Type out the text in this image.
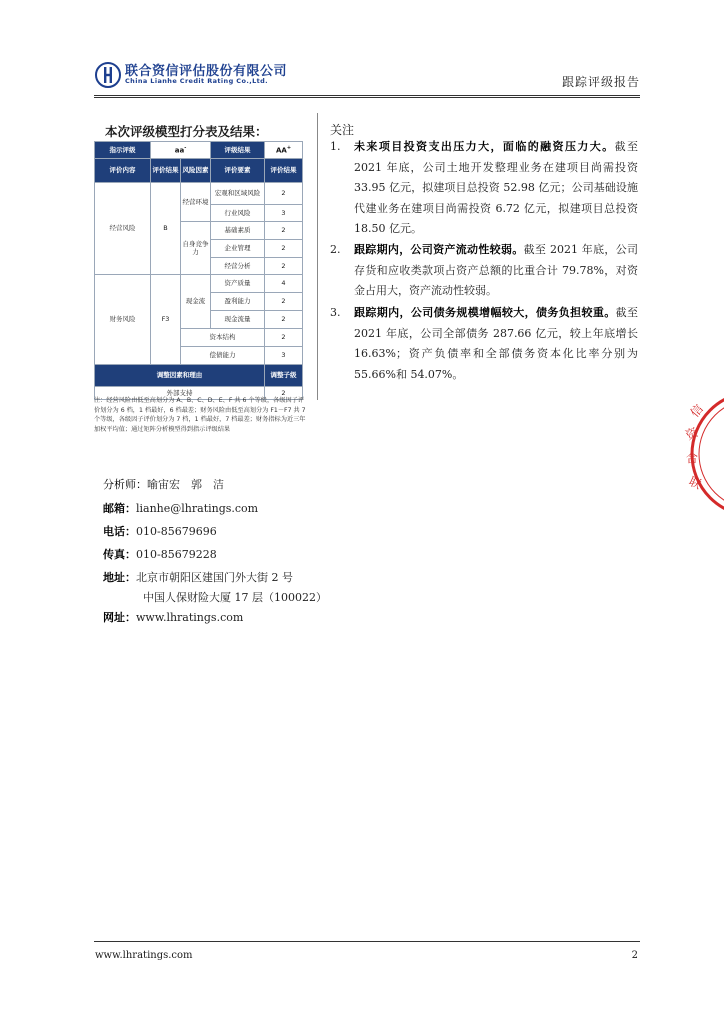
联合资信评估股份有限公司
China Lianhe Credit Rating Co.,Ltd.	跟踪评级报告
本次评级模型打分表及结果：
指示评级	aa-		评级结果	AA+
评价内容	评价结果	风险因素	评价要素	评价结果
经营风险	B	经营环境	宏观和区域风险	2
			行业风险	3
		自身竞争力	基础素质	2
			企业管理	2
			经营分析	2
财务风险	F3	现金流	资产质量	4
			盈利能力	2
			现金流量	2
		资本结构		2
		偿债能力		3
调整因素和理由				调整子级
外部支持				2
注：经营风险由低至高划分为 A、B、C、D、E、F 共 6 个等级，各级因子评价划分为 6 档，1 档最好，6 档最差；财务风险由低至高划分为 F1－F7 共 7 个等级，各级因子评价划分为 7 档，1 档最好，7 档最差；财务指标为近三年加权平均值；通过矩阵分析模型得到指示评级结果
分析师：喻宙宏　郭　洁
邮箱：lianhe@lhratings.com
电话：010-85679696
传真：010-85679228
地址：北京市朝阳区建国门外大街 2 号
中国人保财险大厦 17 层（100022）
网址：www.lhratings.com
关注
1. 未来项目投资支出压力大，面临的融资压力大。截至 2021 年底，公司土地开发整理业务在建项目尚需投资 33.95 亿元，拟建项目总投资 52.98 亿元；公司基础设施代建业务在建项目尚需投资 6.72 亿元，拟建项目总投资 18.50 亿元。
2. 跟踪期内，公司资产流动性较弱。截至 2021 年底，公司存货和应收类款项占资产总额的比重合计 79.78%，对资金占用大，资产流动性较弱。
3. 跟踪期内，公司债务规模增幅较大，债务负担较重。截至 2021 年底，公司全部债务 287.66 亿元，较上年底增长 16.63%；资产负债率和全部债务资本化比率分别为 55.66%和 54.07%。
信
资
合
联
www.lhratings.com	2
